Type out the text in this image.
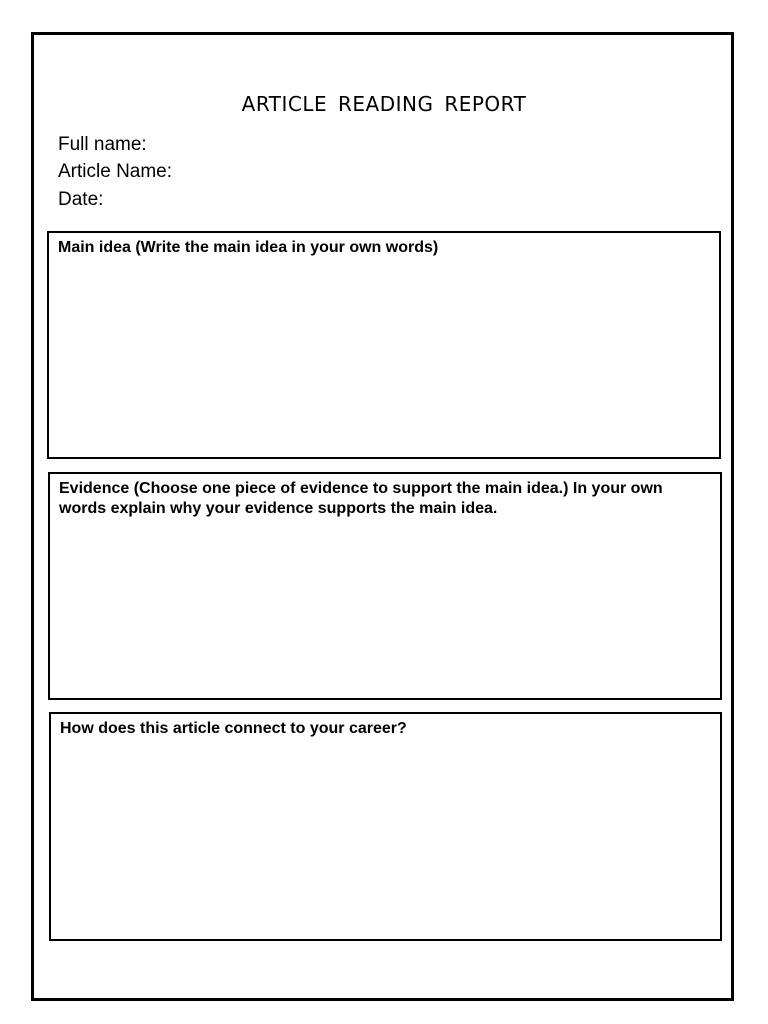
ARTICLE READING REPORT
Full name:
Article Name:
Date:
Main idea (Write the main idea in your own words)
Evidence (Choose one piece of evidence to support the main idea.) In your own words explain why your evidence supports the main idea.
How does this article connect to your career?
